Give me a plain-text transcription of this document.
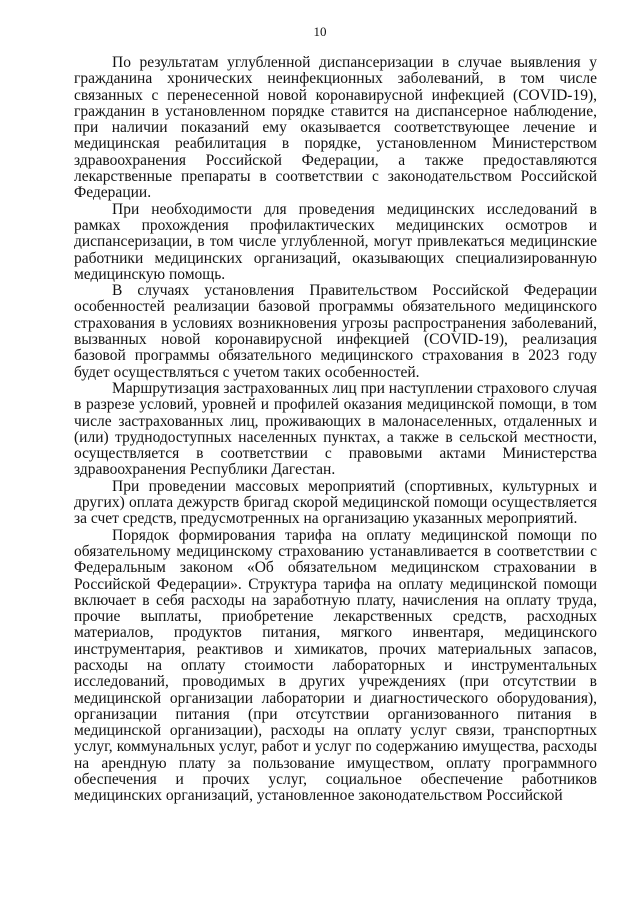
10

По результатам углубленной диспансеризации в случае выявления у гражданина хронических неинфекционных заболеваний, в том числе связанных с перенесенной новой коронавирусной инфекцией (COVID-19), гражданин в установленном порядке ставится на диспансерное наблюдение, при наличии показаний ему оказывается соответствующее лечение и медицинская реабилитация в порядке, установленном Министерством здравоохранения Российской Федерации, а также предоставляются лекарственные препараты в соответствии с законодательством Российской Федерации.

При необходимости для проведения медицинских исследований в рамках прохождения профилактических медицинских осмотров и диспансеризации, в том числе углубленной, могут привлекаться медицинские работники медицинских организаций, оказывающих специализированную медицинскую помощь.

В случаях установления Правительством Российской Федерации особенностей реализации базовой программы обязательного медицинского страхования в условиях возникновения угрозы распространения заболеваний, вызванных новой коронавирусной инфекцией (COVID-19), реализация базовой программы обязательного медицинского страхования в 2023 году будет осуществляться с учетом таких особенностей.

Маршрутизация застрахованных лиц при наступлении страхового случая в разрезе условий, уровней и профилей оказания медицинской помощи, в том числе застрахованных лиц, проживающих в малонаселенных, отдаленных и (или) труднодоступных населенных пунктах, а также в сельской местности, осуществляется в соответствии с правовыми актами Министерства здравоохранения Республики Дагестан.

При проведении массовых мероприятий (спортивных, культурных и других) оплата дежурств бригад скорой медицинской помощи осуществляется за счет средств, предусмотренных на организацию указанных мероприятий.

Порядок формирования тарифа на оплату медицинской помощи по обязательному медицинскому страхованию устанавливается в соответствии с Федеральным законом «Об обязательном медицинском страховании в Российской Федерации». Структура тарифа на оплату медицинской помощи включает в себя расходы на заработную плату, начисления на оплату труда, прочие выплаты, приобретение лекарственных средств, расходных материалов, продуктов питания, мягкого инвентаря, медицинского инструментария, реактивов и химикатов, прочих материальных запасов, расходы на оплату стоимости лабораторных и инструментальных исследований, проводимых в других учреждениях (при отсутствии в медицинской организации лаборатории и диагностического оборудования), организации питания (при отсутствии организованного питания в медицинской организации), расходы на оплату услуг связи, транспортных услуг, коммунальных услуг, работ и услуг по содержанию имущества, расходы на арендную плату за пользование имуществом, оплату программного обеспечения и прочих услуг, социальное обеспечение работников медицинских организаций, установленное законодательством Российской
